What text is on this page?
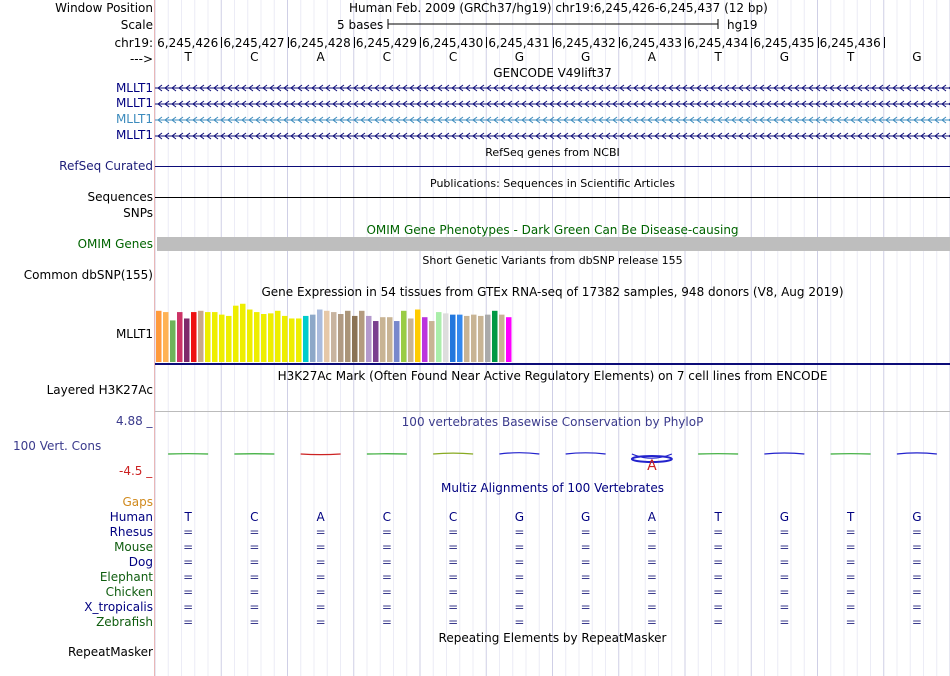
Window Position	Human Feb. 2009 (GRCh37/hg19) chr19:6,245,426-6,245,437 (12 bp)
Scale	5 bases	hg19
chr19: 6,245,426 6,245,427 6,245,428 6,245,429 6,245,430 6,245,431 6,245,432 6,245,433 6,245,434 6,245,435 6,245,436
--->	T	C	A	C	C	G	G	A	T	G	T	G
GENCODE V49lift37
MLLT1
MLLT1
MLLT1
MLLT1
RefSeq genes from NCBI
RefSeq Curated
Publications: Sequences in Scientific Articles
Sequences
SNPs
OMIM Gene Phenotypes - Dark Green Can Be Disease-causing
OMIM Genes
Short Genetic Variants from dbSNP release 155
Common dbSNP(155)
Gene Expression in 54 tissues from GTEx RNA-seq of 17382 samples, 948 donors (V8, Aug 2019)
MLLT1
H3K27Ac Mark (Often Found Near Active Regulatory Elements) on 7 cell lines from ENCODE
Layered H3K27Ac
100 vertebrates Basewise Conservation by PhyloP
4.88 _
100 Vert. Cons
-4.5 _	A
Multiz Alignments of 100 Vertebrates
Gaps
Human	T	C	A	C	C	G	G	A	T	G	T	G
Rhesus	=	=	=	=	=	=	=	=	=	=	=	=
Mouse	=	=	=	=	=	=	=	=	=	=	=	=
Dog	=	=	=	=	=	=	=	=	=	=	=	=
Elephant	=	=	=	=	=	=	=	=	=	=	=	=
Chicken	=	=	=	=	=	=	=	=	=	=	=	=
X_tropicalis	=	=	=	=	=	=	=	=	=	=	=	=
Zebrafish	=	=	=	=	=	=	=	=	=	=	=	=
Repeating Elements by RepeatMasker
RepeatMasker
